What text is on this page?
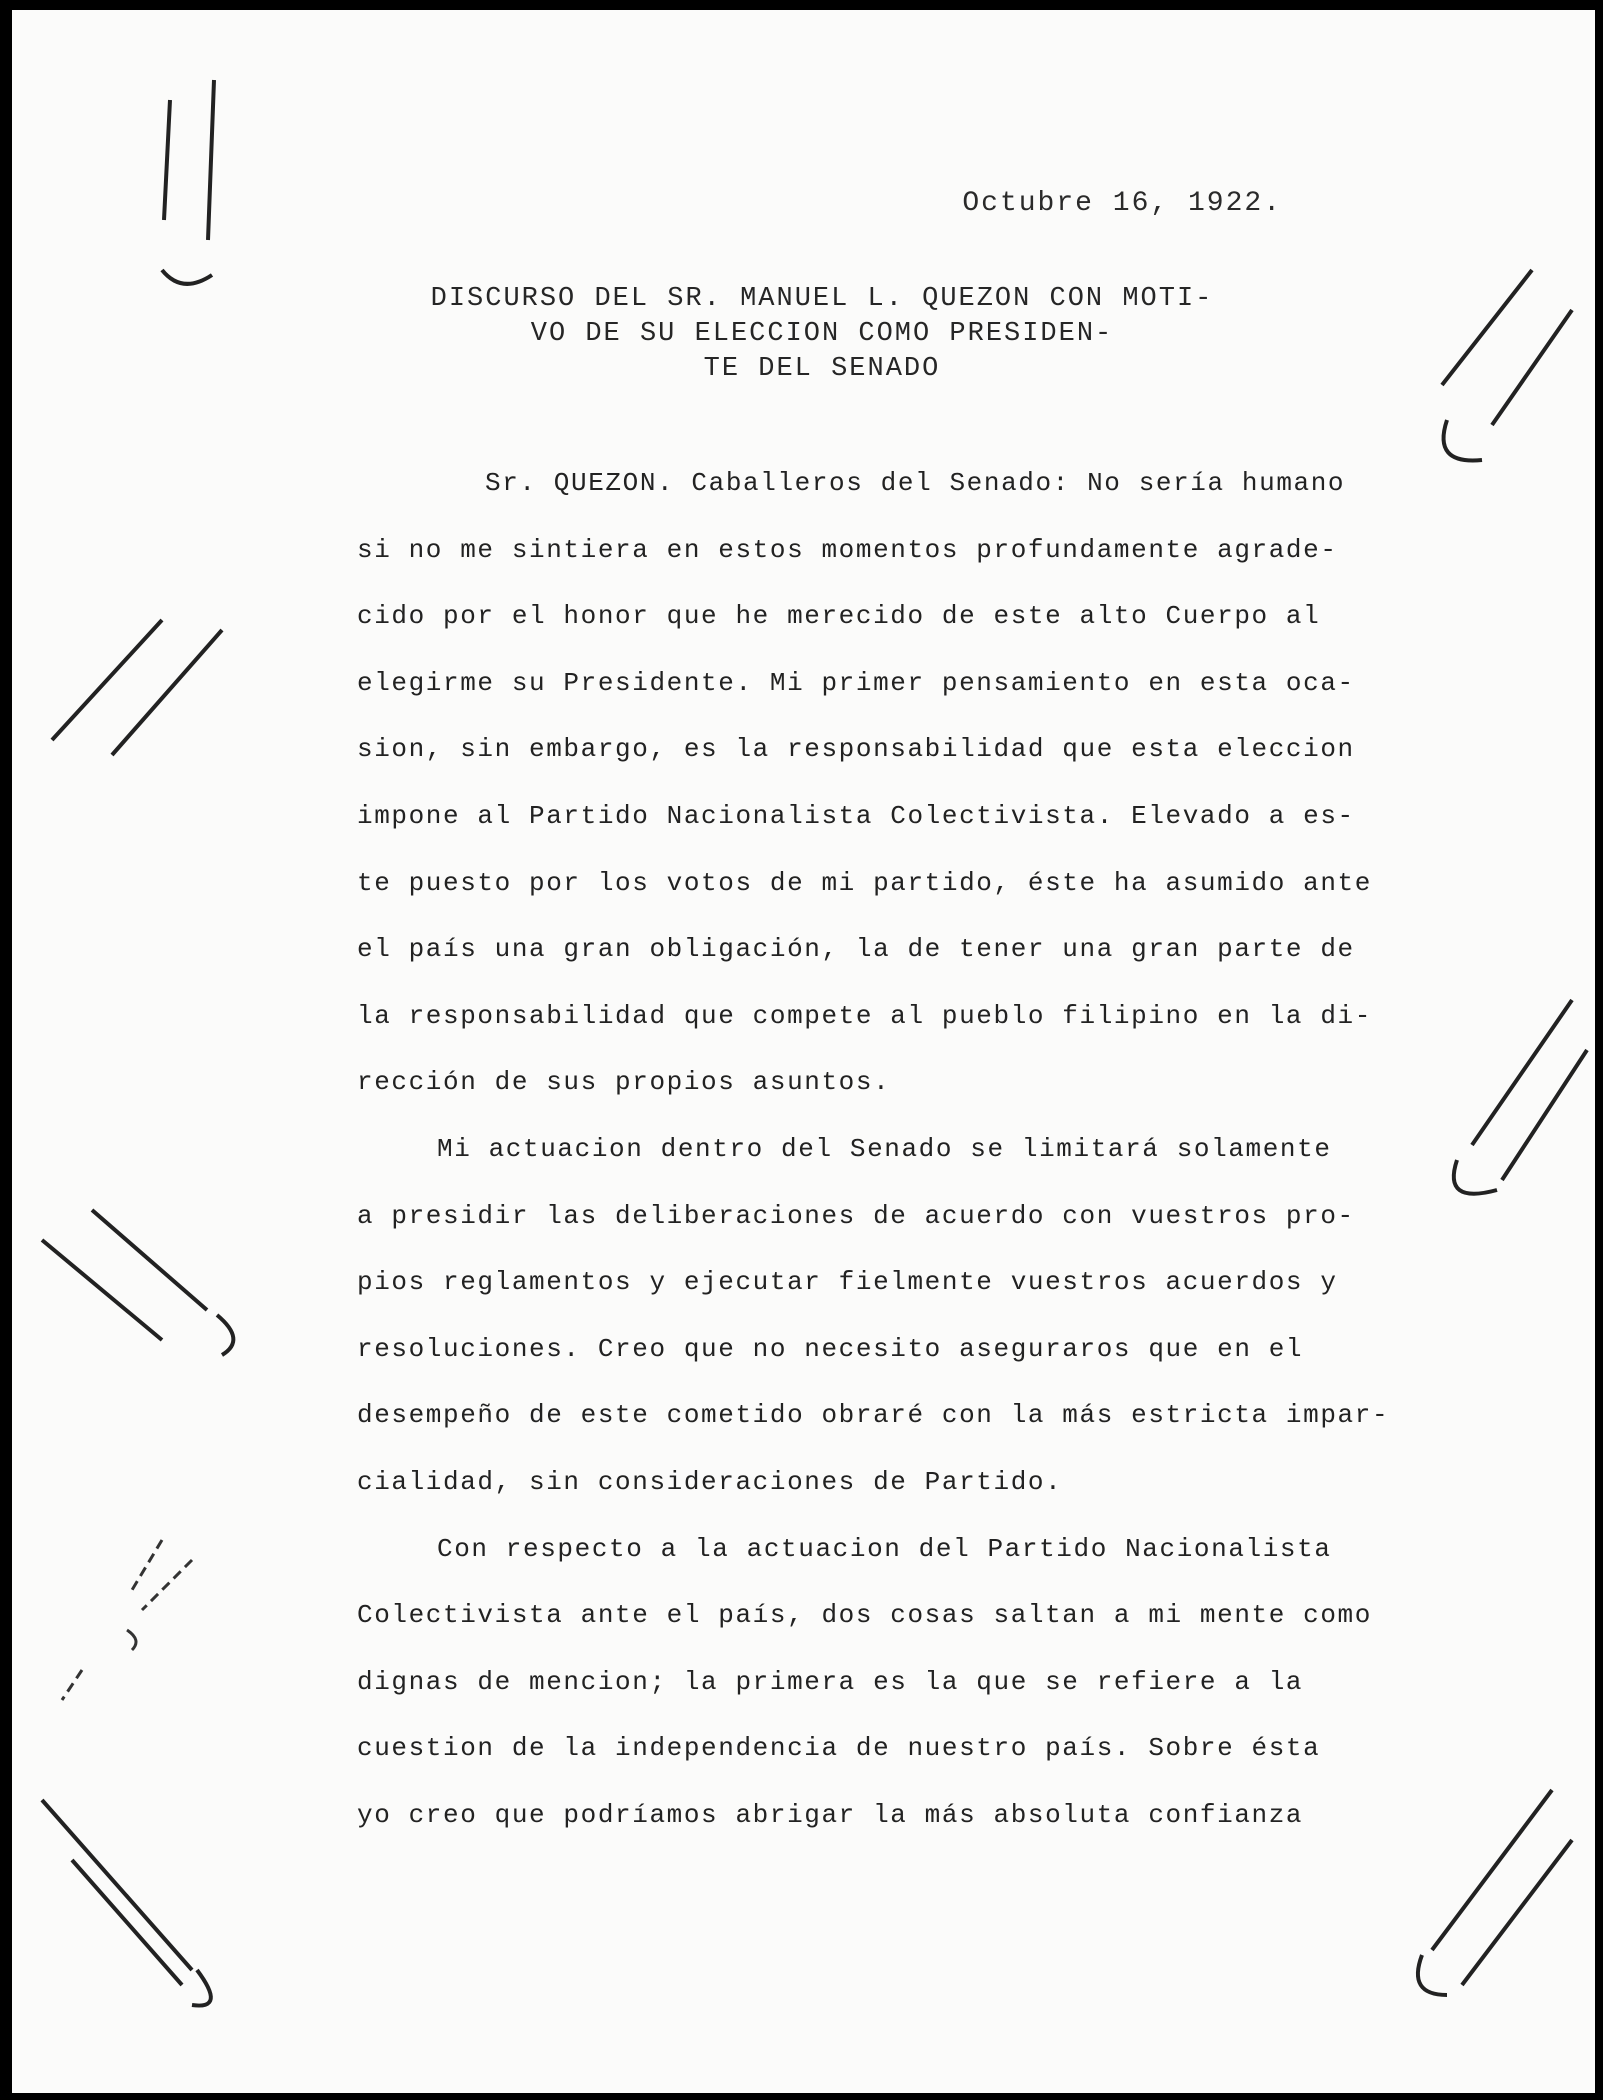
Octubre 16, 1922.
DISCURSO DEL SR. MANUEL L. QUEZON CON MOTI-
VO DE SU ELECCION COMO PRESIDEN-
TE DEL SENADO
Sr. QUEZON. Caballeros del Senado: No sería humano
si no me sintiera en estos momentos profundamente agrade-
cido por el honor que he merecido de este alto Cuerpo al
elegirme su Presidente. Mi primer pensamiento en esta oca-
sion, sin embargo, es la responsabilidad que esta eleccion
impone al Partido Nacionalista Colectivista. Elevado a es-
te puesto por los votos de mi partido, éste ha asumido ante
el país una gran obligación, la de tener una gran parte de
la responsabilidad que compete al pueblo filipino en la di-
rección de sus propios asuntos.
Mi actuacion dentro del Senado se limitará solamente
a presidir las deliberaciones de acuerdo con vuestros pro-
pios reglamentos y ejecutar fielmente vuestros acuerdos y
resoluciones. Creo que no necesito aseguraros que en el
desempeño de este cometido obraré con la más estricta impar-
cialidad, sin consideraciones de Partido.
Con respecto a la actuacion del Partido Nacionalista
Colectivista ante el país, dos cosas saltan a mi mente como
dignas de mencion; la primera es la que se refiere a la
cuestion de la independencia de nuestro país. Sobre ésta
yo creo que podríamos abrigar la más absoluta confianza
